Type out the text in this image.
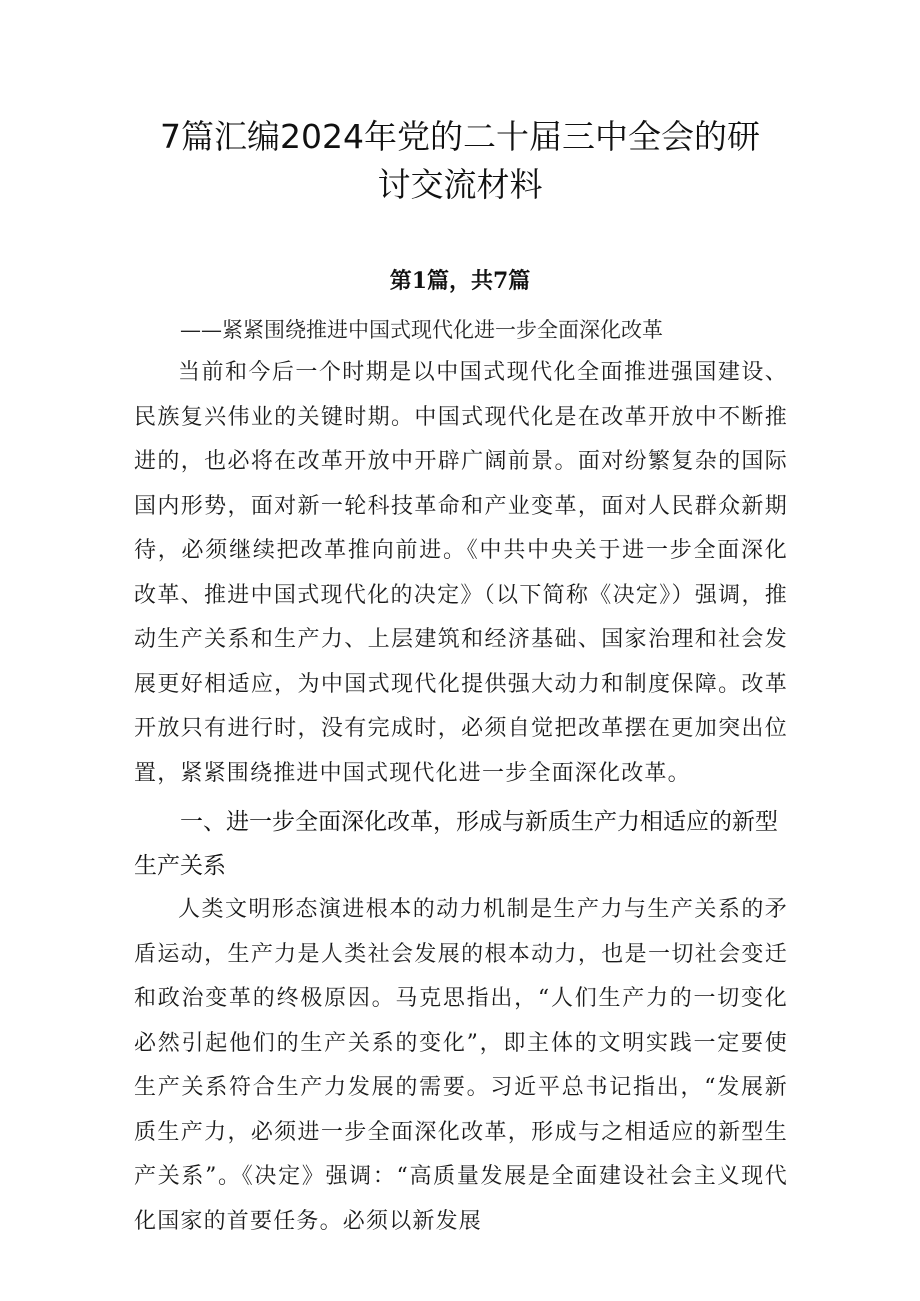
7篇汇编2024年党的二十届三中全会的研
讨交流材料
第1篇，共7篇
——紧紧围绕推进中国式现代化进一步全面深化改革

当前和今后一个时期是以中国式现代化全面推进强国建设、民族复兴伟业的关键时期。中国式现代化是在改革开放中不断推进的，也必将在改革开放中开辟广阔前景。面对纷繁复杂的国际国内形势，面对新一轮科技革命和产业变革，面对人民群众新期待，必须继续把改革推向前进。《中共中央关于进一步全面深化改革、推进中国式现代化的决定》（以下简称《决定》）强调，推动生产关系和生产力、上层建筑和经济基础、国家治理和社会发展更好相适应，为中国式现代化提供强大动力和制度保障。改革开放只有进行时，没有完成时，必须自觉把改革摆在更加突出位置，紧紧围绕推进中国式现代化进一步全面深化改革。

一、进一步全面深化改革，形成与新质生产力相适应的新型生产关系

人类文明形态演进根本的动力机制是生产力与生产关系的矛盾运动，生产力是人类社会发展的根本动力，也是一切社会变迁和政治变革的终极原因。马克思指出，“人们生产力的一切变化必然引起他们的生产关系的变化”，即主体的文明实践一定要使生产关系符合生产力发展的需要。习近平总书记指出，“发展新质生产力，必须进一步全面深化改革，形成与之相适应的新型生产关系”。《决定》强调：“高质量发展是全面建设社会主义现代化国家的首要任务。必须以新发展
